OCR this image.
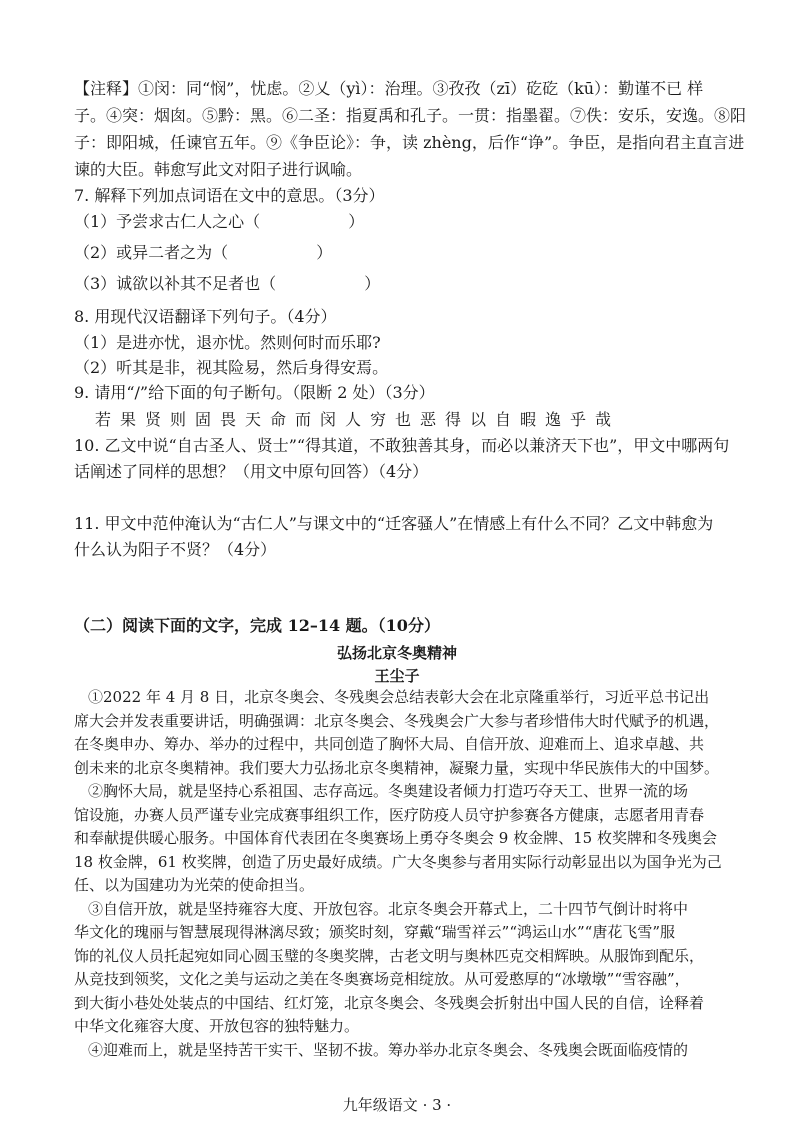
【注释】①闵：同“悯”，忧虑。②乂（yì）：治理。③孜孜（zī）矻矻（kū）：勤谨不已 样
子。④突：烟囱。⑤黔：黑。⑥二圣：指夏禹和孔子。一贯：指墨翟。⑦佚：安乐，安逸。⑧阳
子：即阳城，任谏官五年。⑨《争臣论》：争，读 zhèng，后作“诤”。争臣，是指向君主直言进
谏的大臣。韩愈写此文对阳子进行讽喻。
7. 解释下列加点词语在文中的意思。（3分）
（1）予尝求古仁人之心（	）
（2）或异二者之为（	）
（3）诚欲以补其不足者也（	）
8. 用现代汉语翻译下列句子。（4分）
（1）是进亦忧，退亦忧。然则何时而乐耶?
（2）听其是非，视其险易，然后身得安焉。
9. 请用“/”给下面的句子断句。（限断 2 处）（3分）
若果贤则固畏天命而闵人穷也恶得以自暇逸乎哉
10. 乙文中说“自古圣人、贤士”“得其道，不敢独善其身，而必以兼济天下也”，甲文中哪两句
话阐述了同样的思想？（用文中原句回答）（4分）
11. 甲文中范仲淹认为“古仁人”与课文中的“迁客骚人”在情感上有什么不同？乙文中韩愈为
什么认为阳子不贤？（4分）
（二）阅读下面的文字，完成 12–14 题。（10分）
弘扬北京冬奥精神
王尘子
①2022 年 4 月 8 日，北京冬奥会、冬残奥会总结表彰大会在北京隆重举行，习近平总书记出
席大会并发表重要讲话，明确强调：北京冬奥会、冬残奥会广大参与者珍惜伟大时代赋予的机遇，
在冬奥申办、筹办、举办的过程中，共同创造了胸怀大局、自信开放、迎难而上、追求卓越、共
创未来的北京冬奥精神。我们要大力弘扬北京冬奥精神，凝聚力量，实现中华民族伟大的中国梦。
②胸怀大局，就是坚持心系祖国、志存高远。冬奥建设者倾力打造巧夺天工、世界一流的场
馆设施，办赛人员严谨专业完成赛事组织工作，医疗防疫人员守护参赛各方健康，志愿者用青春
和奉献提供暖心服务。中国体育代表团在冬奥赛场上勇夺冬奥会 9 枚金牌、15 枚奖牌和冬残奥会
18 枚金牌，61 枚奖牌，创造了历史最好成绩。广大冬奥参与者用实际行动彰显出以为国争光为己
任、以为国建功为光荣的使命担当。
③自信开放，就是坚持雍容大度、开放包容。北京冬奥会开幕式上，二十四节气倒计时将中
华文化的瑰丽与智慧展现得淋漓尽致；颁奖时刻，穿戴“瑞雪祥云”“鸿运山水”“唐花飞雪”服
饰的礼仪人员托起宛如同心圆玉璧的冬奥奖牌，古老文明与奥林匹克交相辉映。从服饰到配乐，
从竞技到领奖，文化之美与运动之美在冬奥赛场竞相绽放。从可爱憨厚的“冰墩墩”“雪容融”，
到大街小巷处处装点的中国结、红灯笼，北京冬奥会、冬残奥会折射出中国人民的自信，诠释着
中华文化雍容大度、开放包容的独特魅力。
④迎难而上，就是坚持苦干实干、坚韧不拔。筹办举办北京冬奥会、冬残奥会既面临疫情的
九年级语文 · 3 ·
